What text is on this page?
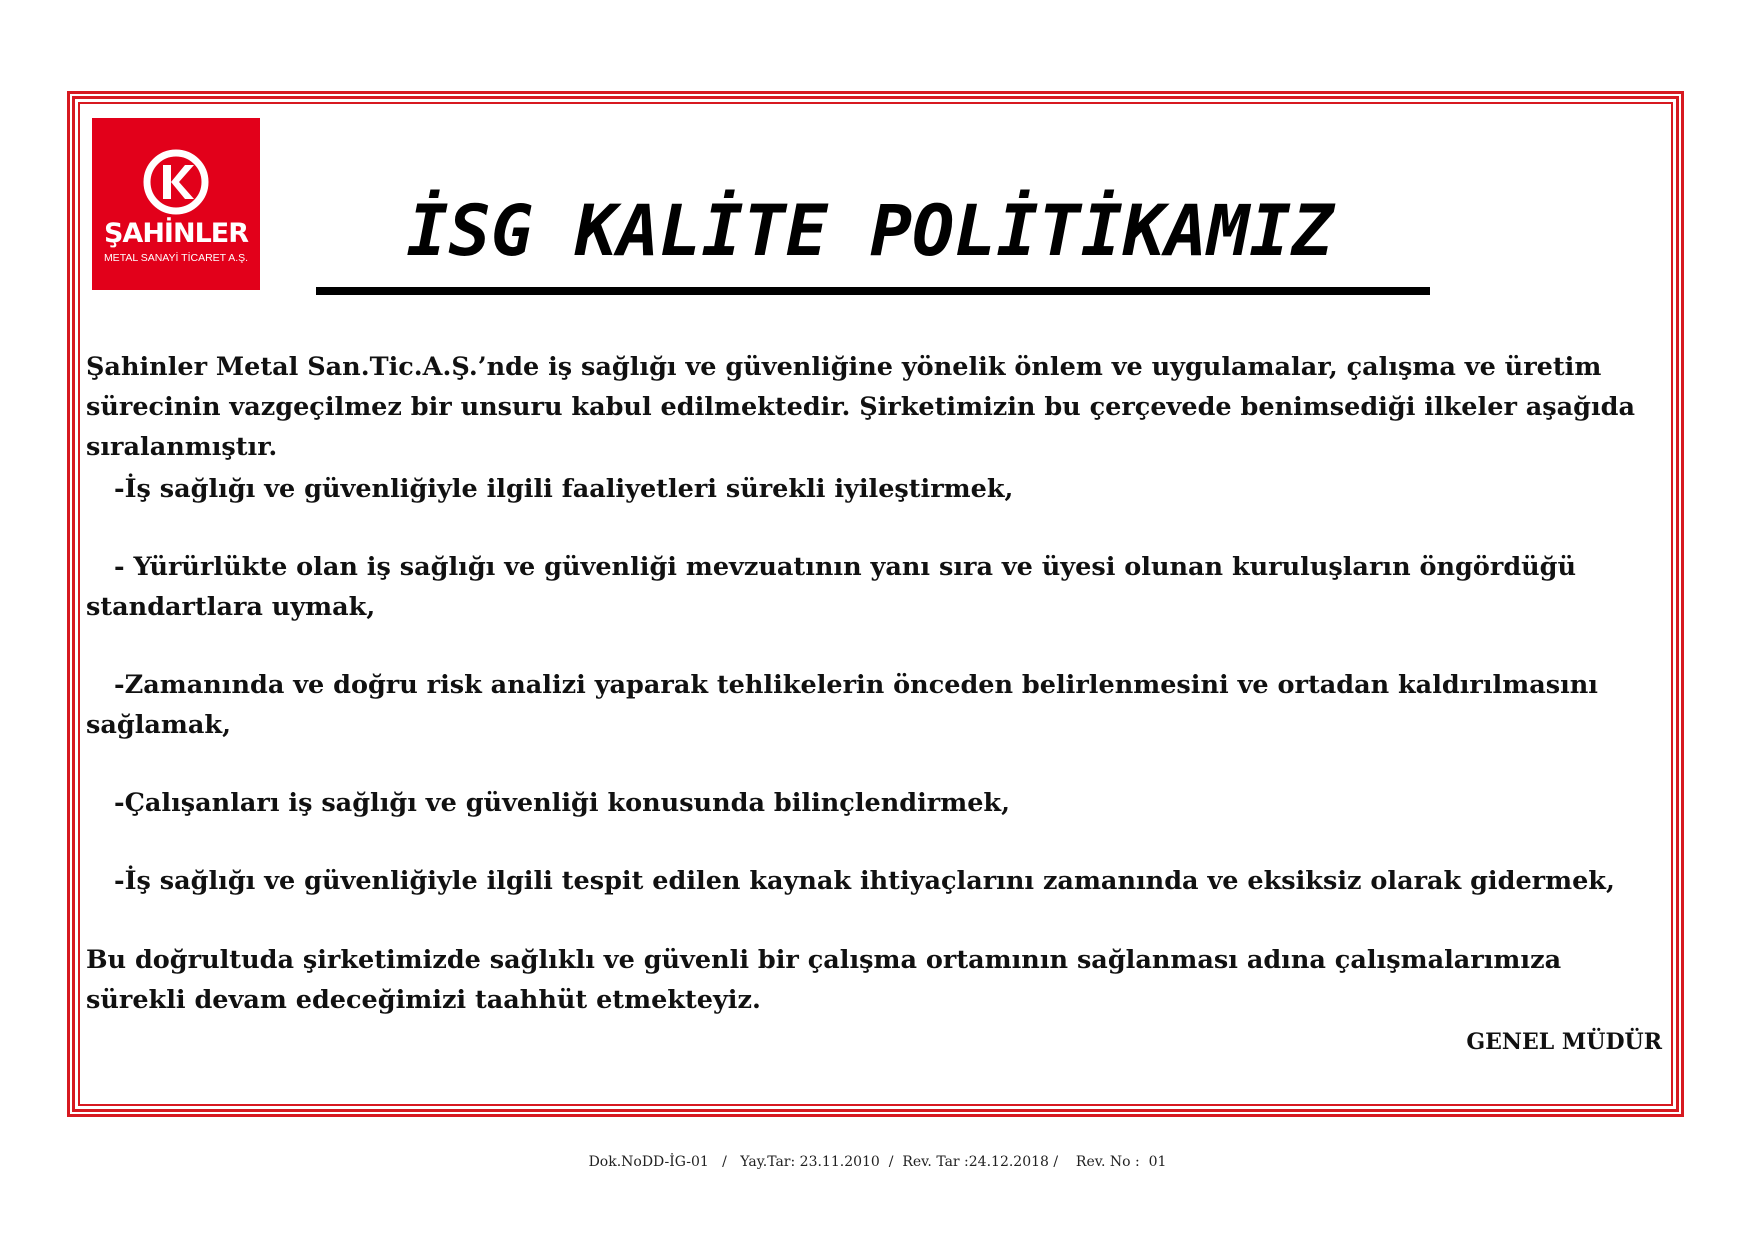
ŞAHİNLER
METAL SANAYİ TİCARET A.Ş.	İSG KALİTE POLİTİKAMIZ
Şahinler Metal San.Tic.A.Ş.’nde iş sağlığı ve güvenliğine yönelik önlem ve uygulamalar, çalışma ve üretim sürecinin vazgeçilmez bir unsuru kabul edilmektedir. Şirketimizin bu çerçevede benimsediği ilkeler aşağıda sıralanmıştır.
-İş sağlığı ve güvenliğiyle ilgili faaliyetleri sürekli iyileştirmek,
- Yürürlükte olan iş sağlığı ve güvenliği mevzuatının yanı sıra ve üyesi olunan kuruluşların öngördüğü standartlara uymak,
-Zamanında ve doğru risk analizi yaparak tehlikelerin önceden belirlenmesini ve ortadan kaldırılmasını sağlamak,
-Çalışanları iş sağlığı ve güvenliği konusunda bilinçlendirmek,
-İş sağlığı ve güvenliğiyle ilgili tespit edilen kaynak ihtiyaçlarını zamanında ve eksiksiz olarak gidermek,
Bu doğrultuda şirketimizde sağlıklı ve güvenli bir çalışma ortamının sağlanması adına çalışmalarımıza sürekli devam edeceğimizi taahhüt etmekteyiz.
GENEL MÜDÜR
Dok.NoDD-İG-01   /   Yay.Tar: 23.11.2010  /  Rev. Tar :24.12.2018 /    Rev. No :  01
